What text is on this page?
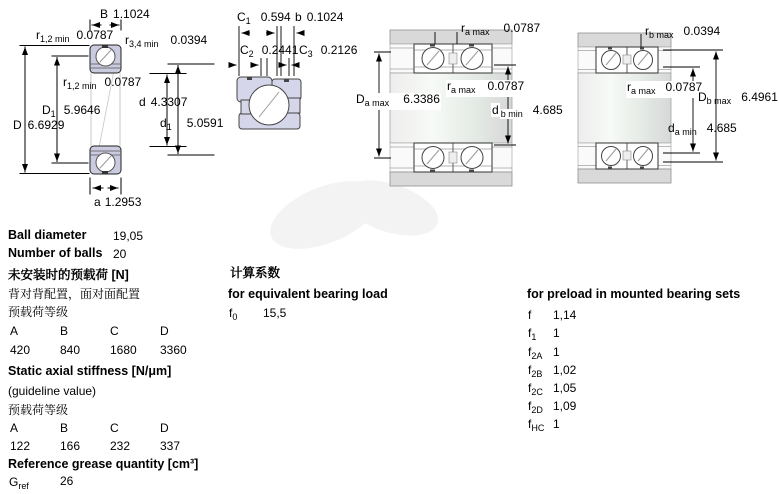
B 1.1024
$r_{1,2 min}$ 0.0787 $r_{3,4 min}$ 0.0394
$r_{1,2 min}$ 0.0787
$D_1$ 5.9646
D 6.6929
d 4.3307
$d_1$ 5.0591
a 1.2953
$C_1$ 0.594 b 0.1024
$C_2$ 0.2441 $C_3$ 0.2126
$r_{a max}$ 0.0787
$D_{a max}$ 6.3386
$r_{a max}$ 0.0787
d $_{b min}$ 4.685
$r_{b max}$ 0.0394
$r_{a max}$ 0.0787
$D_{b max}$ 6.4961
$d_{a min}$ 4.685
Ball diameter 19,05
Number of balls 20
未安装时的预载荷 [N]
背对背配置，面对面配置
预载荷等级
A	B	C	D
420 840 1680 3360
Static axial stiffness [N/μm]
(guideline value)
预载荷等级
A	B	C	D
122 166 232 337
Reference grease quantity [cm³]
$G_{ref}$	26
计算系数
for equivalent bearing load
$f_0$ 15,5
for preload in mounted bearing sets
f 1,14
$f_1$ 1
$f_{2A}$ 1
$f_{2B}$ 1,02
$f_{2C}$ 1,05
$f_{2D}$ 1,09
$f_{HC}$ 1
